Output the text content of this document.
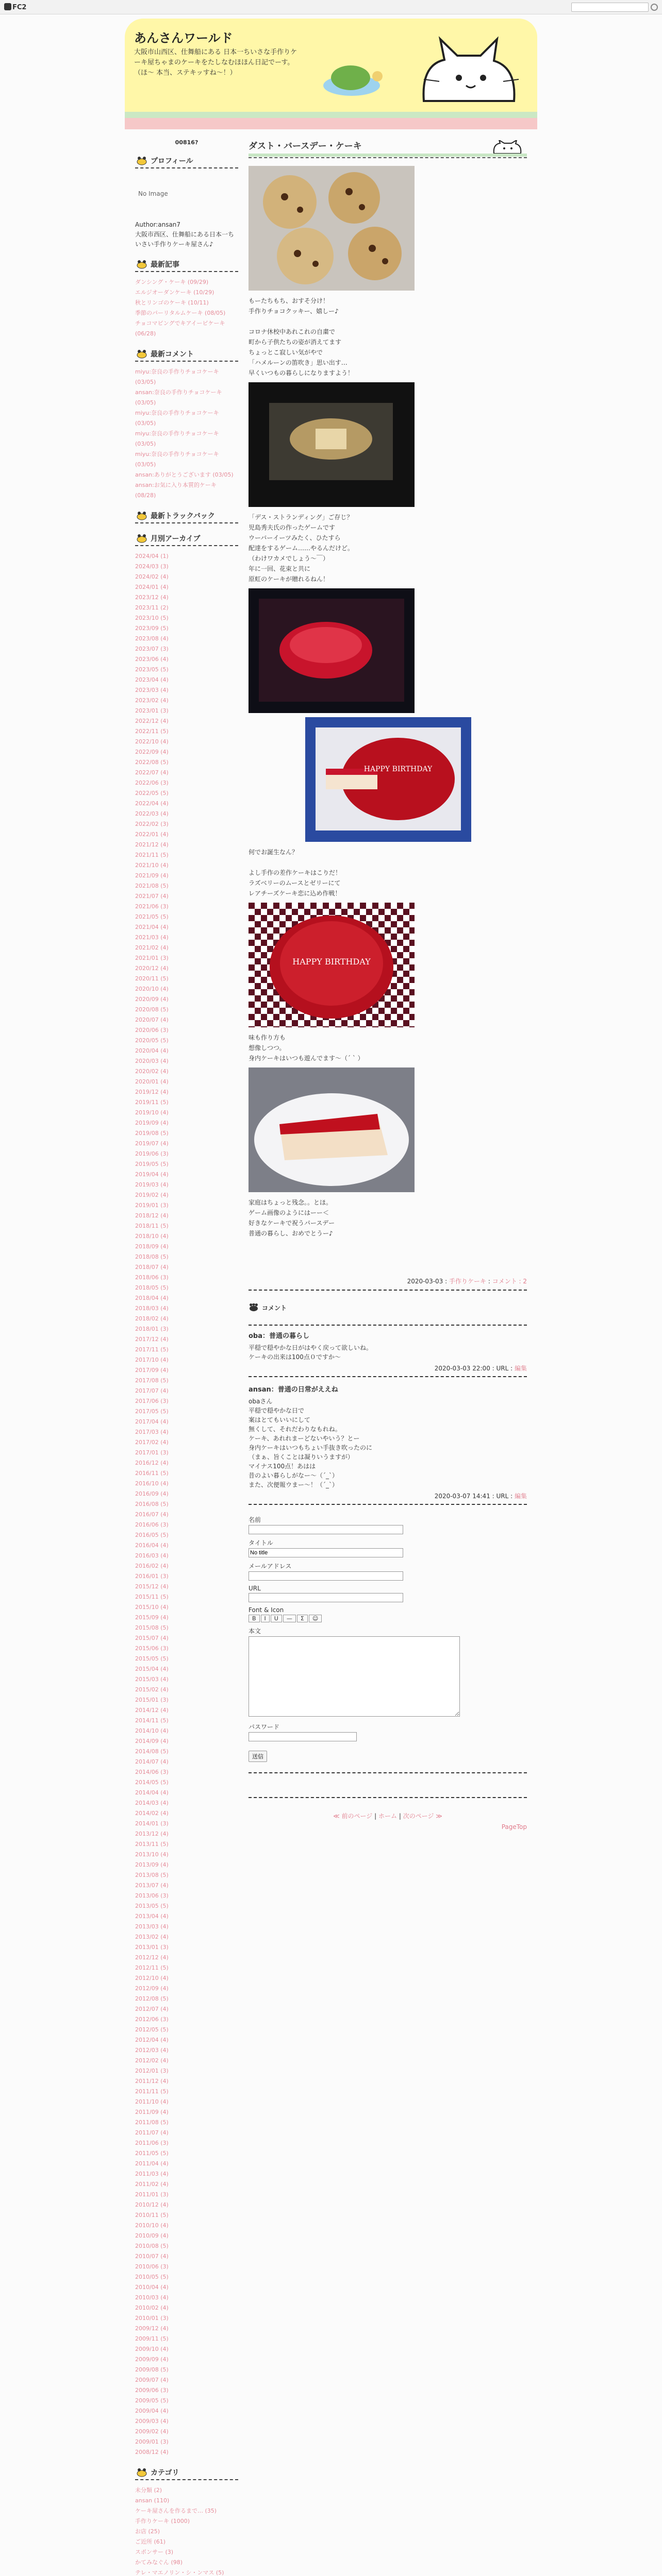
FC2
あんさんワールド
大阪市山西区、仕舞船にある 日本一ちいさな手作りケーキ屋ちゃまのケーキをたしなむほほん日記でーす。（ほ〜 本当、ステキッすね〜！）
00816?
プロフィール
No Image
Author:ansan7
大阪市西区、仕舞船にある日本一ちいさい手作りケーキ屋さん♪
最新記事
ダンシング・ケーキ (09/29)
エルジオーダンケーキ (10/29)
秋とリンゴのケーキ (10/11)
季節のパーリタルムケーキ (08/05)
チョコマピングでキアイーピケーキ (06/28)
最新コメント
miyu:奈良の手作りチョコケーキ (03/05)
ansan:奈良の手作りチョコケーキ (03/05)
miyu:奈良の手作りチョコケーキ (03/05)
miyu:奈良の手作りチョコケーキ (03/05)
miyu:奈良の手作りチョコケーキ (03/05)
ansan:ありがとうございます (03/05)
ansan:お気に入り本質的ケーキ (08/28)
最新トラックバック
月別アーカイブ
2024/04 (1)
2024/03 (3)
2024/02 (4)
2024/01 (4)
2023/12 (4)
2023/11 (2)
2023/10 (5)
2023/09 (5)
2023/08 (4)
2023/07 (3)
2023/06 (4)
2023/05 (5)
2023/04 (4)
2023/03 (4)
2023/02 (4)
2023/01 (3)
2022/12 (4)
2022/11 (5)
2022/10 (4)
2022/09 (4)
2022/08 (5)
2022/07 (4)
2022/06 (3)
2022/05 (5)
2022/04 (4)
2022/03 (4)
2022/02 (3)
2022/01 (4)
2021/12 (4)
2021/11 (5)
2021/10 (4)
2021/09 (4)
2021/08 (5)
2021/07 (4)
2021/06 (3)
2021/05 (5)
2021/04 (4)
2021/03 (4)
2021/02 (4)
2021/01 (3)
2020/12 (4)
2020/11 (5)
2020/10 (4)
2020/09 (4)
2020/08 (5)
2020/07 (4)
2020/06 (3)
2020/05 (5)
2020/04 (4)
2020/03 (4)
2020/02 (4)
2020/01 (4)
2019/12 (4)
2019/11 (5)
2019/10 (4)
2019/09 (4)
2019/08 (5)
2019/07 (4)
2019/06 (3)
2019/05 (5)
2019/04 (4)
2019/03 (4)
2019/02 (4)
2019/01 (3)
2018/12 (4)
2018/11 (5)
2018/10 (4)
2018/09 (4)
2018/08 (5)
2018/07 (4)
2018/06 (3)
2018/05 (5)
2018/04 (4)
2018/03 (4)
2018/02 (4)
2018/01 (3)
2017/12 (4)
2017/11 (5)
2017/10 (4)
2017/09 (4)
2017/08 (5)
2017/07 (4)
2017/06 (3)
2017/05 (5)
2017/04 (4)
2017/03 (4)
2017/02 (4)
2017/01 (3)
2016/12 (4)
2016/11 (5)
2016/10 (4)
2016/09 (4)
2016/08 (5)
2016/07 (4)
2016/06 (3)
2016/05 (5)
2016/04 (4)
2016/03 (4)
2016/02 (4)
2016/01 (3)
2015/12 (4)
2015/11 (5)
2015/10 (4)
2015/09 (4)
2015/08 (5)
2015/07 (4)
2015/06 (3)
2015/05 (5)
2015/04 (4)
2015/03 (4)
2015/02 (4)
2015/01 (3)
2014/12 (4)
2014/11 (5)
2014/10 (4)
2014/09 (4)
2014/08 (5)
2014/07 (4)
2014/06 (3)
2014/05 (5)
2014/04 (4)
2014/03 (4)
2014/02 (4)
2014/01 (3)
2013/12 (4)
2013/11 (5)
2013/10 (4)
2013/09 (4)
2013/08 (5)
2013/07 (4)
2013/06 (3)
2013/05 (5)
2013/04 (4)
2013/03 (4)
2013/02 (4)
2013/01 (3)
2012/12 (4)
2012/11 (5)
2012/10 (4)
2012/09 (4)
2012/08 (5)
2012/07 (4)
2012/06 (3)
2012/05 (5)
2012/04 (4)
2012/03 (4)
2012/02 (4)
2012/01 (3)
2011/12 (4)
2011/11 (5)
2011/10 (4)
2011/09 (4)
2011/08 (5)
2011/07 (4)
2011/06 (3)
2011/05 (5)
2011/04 (4)
2011/03 (4)
2011/02 (4)
2011/01 (3)
2010/12 (4)
2010/11 (5)
2010/10 (4)
2010/09 (4)
2010/08 (5)
2010/07 (4)
2010/06 (3)
2010/05 (5)
2010/04 (4)
2010/03 (4)
2010/02 (4)
2010/01 (3)
2009/12 (4)
2009/11 (5)
2009/10 (4)
2009/09 (4)
2009/08 (5)
2009/07 (4)
2009/06 (3)
2009/05 (5)
2009/04 (4)
2009/03 (4)
2009/02 (4)
2009/01 (3)
2008/12 (4)
カテゴリ
未分類 (2)
ansan (110)
ケーキ屋さんを作るまで… (35)
手作りケーキ (1000)
お店 (25)
ご近所 (61)
スポンサー (3)
かてみなぐん (98)
テレ・マエノリン・シ・ンマス (5)
ダスト・バースデー・ケーキ
もーたちもち、おすそ分け！
手作りチョコクッキー、嬉しー♪

コロナ休校中あれこれの自粛で
町から子供たちの姿が消えてます
ちょっとこ寂しい気がやで
「ハメルーンの笛吹き」思い出す…
早くいつもの暮らしになりますよう！
「デス・ストランディング」ご存じ？
児島秀夫氏の作ったゲームです
ウーバーイーツみたく、ひたすら
配達をするゲーム……やるんだけど。
（わけワカメでしょう〜￣）
年に一回、花束と共に
原虹のケーキが贈れるねん！
HAPPY BIRTHDAY
何でお誕生なん？

よし手作の差作ケーキはこりだ！
ラズベリーのムースとゼリーにて
レアチーズケーキ恋に込め作戦！
HAPPY BIRTHDAY
味も作り方も
想像しつつ。
身内ケーキはいつも遊んでます〜（´ ` ）
家庭はちょっと残念。。とほ。
ゲーム画像のようにはーー＜
好きなケーキで祝うパースデー
普通の暮らし、おめでとうー♪
2020-03-03 : 手作りケーキ : コメント : 2
コメント
oba：普通の暮らし
平穏で穏やかな日がはやく戻って欲しいね。
ケーキの出来は100点０ですか〜
2020-03-03 22:00 : URL : 編集
ansan：普通の日常がええね
obaさん
平穏で穏やかな日で
案はとてもいいにして
無くして、それだわりなもれね。
ケーキ、あれれまーどないやいう？とー
身内ケーキはいつもちょい手抜き吹ったのに
（まぁ、旨くことは凝りいうますが）
マイナス100点！あはは
昔のよい暮らしがなー〜（´_`）
また、次便報ウまー〜！（´_`）
2020-03-07 14:41 : URL : 編集
名前
タイトル
No title
メールアドレス
URL
Font & Icon
B	I	U	—	Σ	☺
本文
パスワード
送信
≪ 前のページ | ホーム | 次のページ ≫
PageTop
